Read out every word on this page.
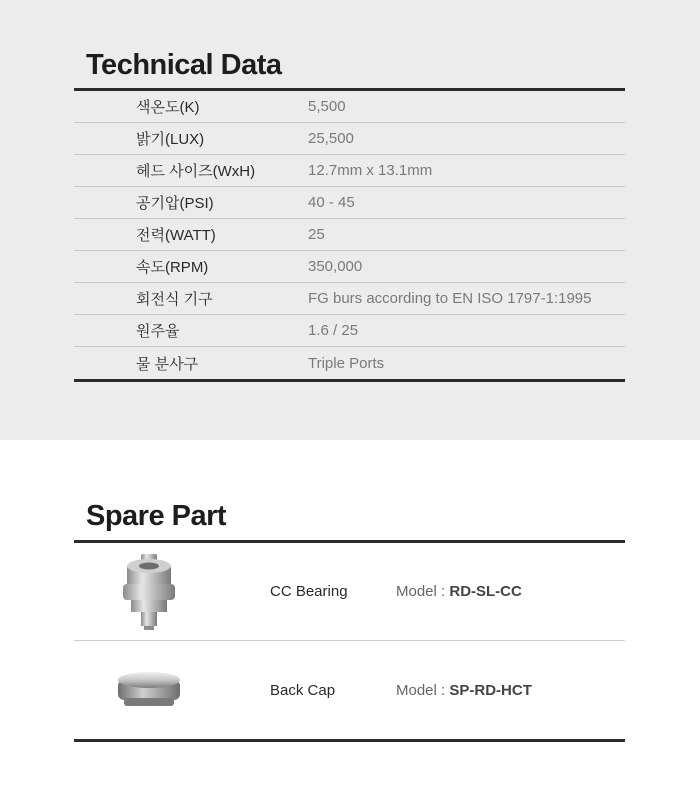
Technical Data
색온도(K)	5,500
밝기(LUX)	25,500
헤드 사이즈(WxH)	12.7mm x 13.1mm
공기압(PSI)	40 - 45
전력(WATT)	25
속도(RPM)	350,000
회전식 기구	FG burs according to EN ISO 1797-1:1995
원주율	1.6 / 25
물 분사구	Triple Ports
Spare Part
CC Bearing	Model : RD-SL-CC
Back Cap	Model : SP-RD-HCT
